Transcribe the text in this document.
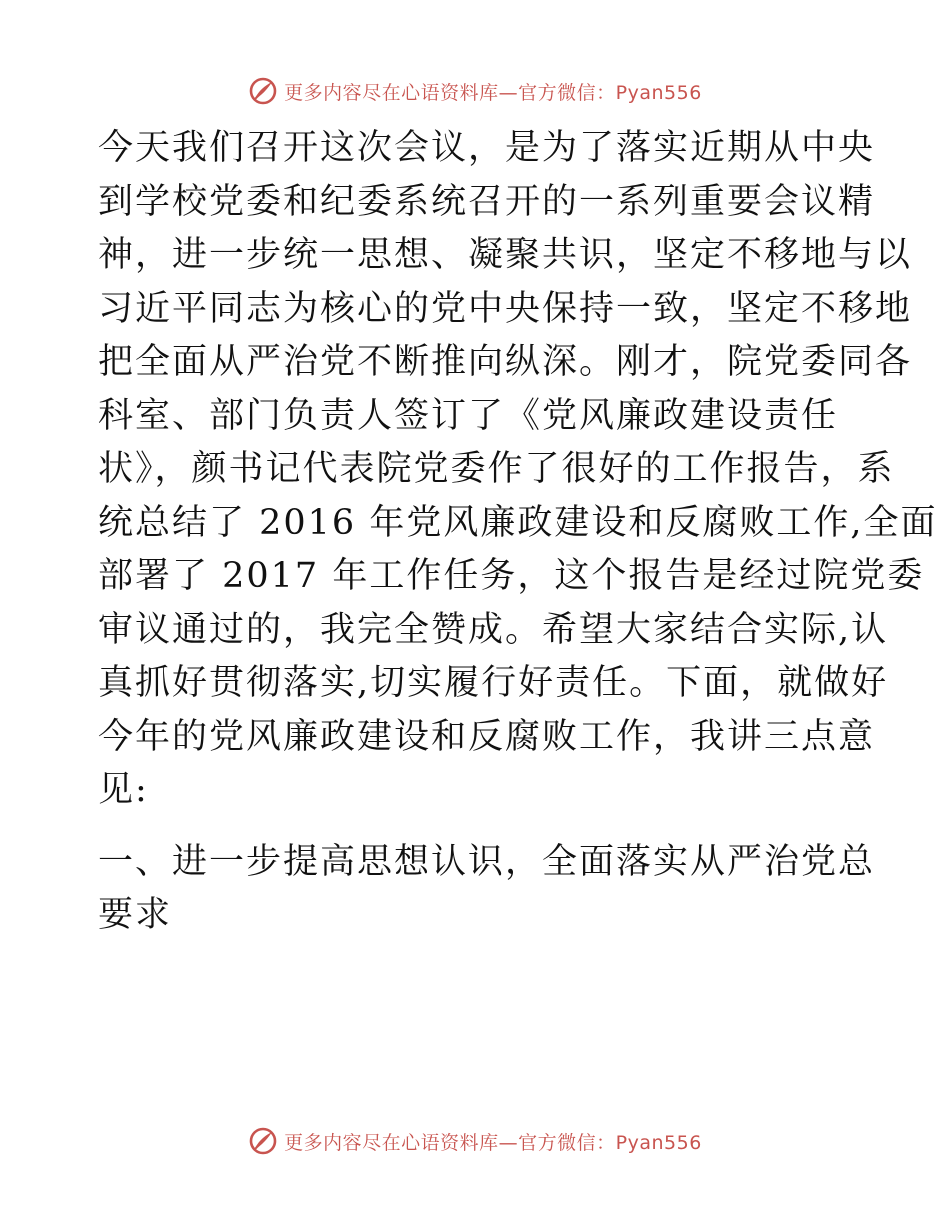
更多内容尽在心语资料库—官方微信：Pyan556
今天我们召开这次会议，是为了落实近期从中央
到学校党委和纪委系统召开的一系列重要会议精
神，进一步统一思想、凝聚共识，坚定不移地与以
习近平同志为核心的党中央保持一致，坚定不移地
把全面从严治党不断推向纵深。刚才，院党委同各
科室、部门负责人签订了《党风廉政建设责任
状》，颜书记代表院党委作了很好的工作报告，系
统总结了 2016 年党风廉政建设和反腐败工作,全面
部署了 2017 年工作任务，这个报告是经过院党委
审议通过的，我完全赞成。希望大家结合实际,认
真抓好贯彻落实,切实履行好责任。下面，就做好
今年的党风廉政建设和反腐败工作，我讲三点意
见:
一、进一步提高思想认识，全面落实从严治党总
要求
更多内容尽在心语资料库—官方微信：Pyan556
